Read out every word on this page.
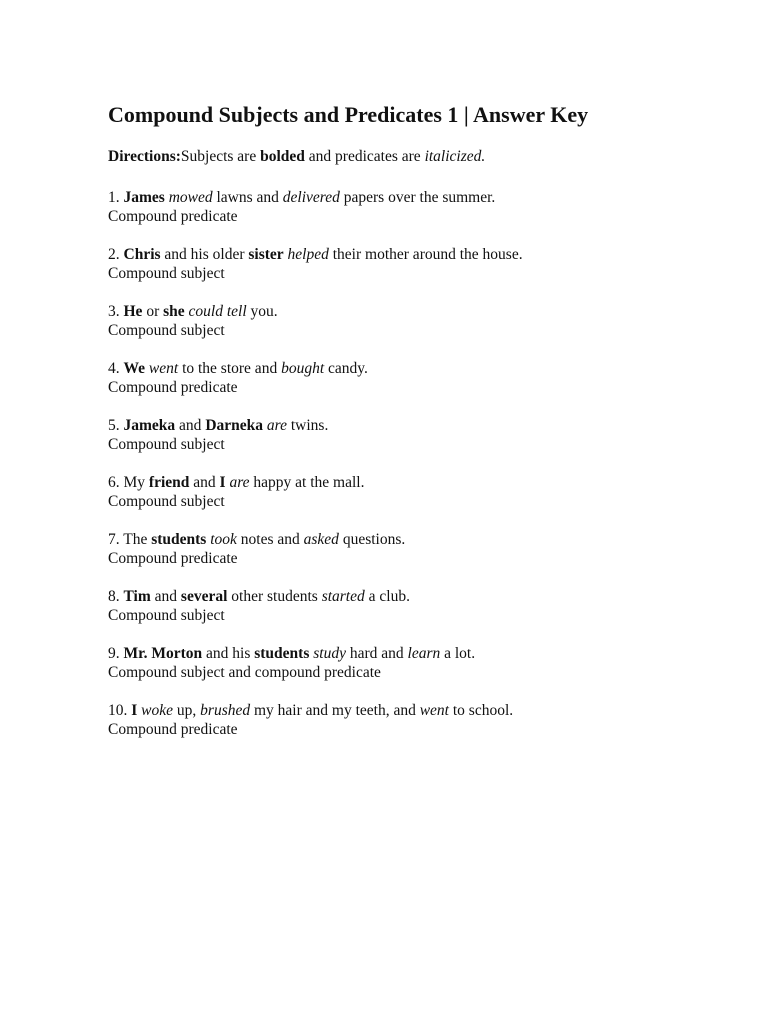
Compound Subjects and Predicates 1 | Answer Key
Directions:Subjects are bolded and predicates are italicized.
1. James mowed lawns and delivered papers over the summer.
Compound predicate
2. Chris and his older sister helped their mother around the house.
Compound subject
3. He or she could tell you.
Compound subject
4. We went to the store and bought candy.
Compound predicate
5. Jameka and Darneka are twins.
Compound subject
6. My friend and I are happy at the mall.
Compound subject
7. The students took notes and asked questions.
Compound predicate
8. Tim and several other students started a club.
Compound subject
9. Mr. Morton and his students study hard and learn a lot.
Compound subject and compound predicate
10. I woke up, brushed my hair and my teeth, and went to school.
Compound predicate
